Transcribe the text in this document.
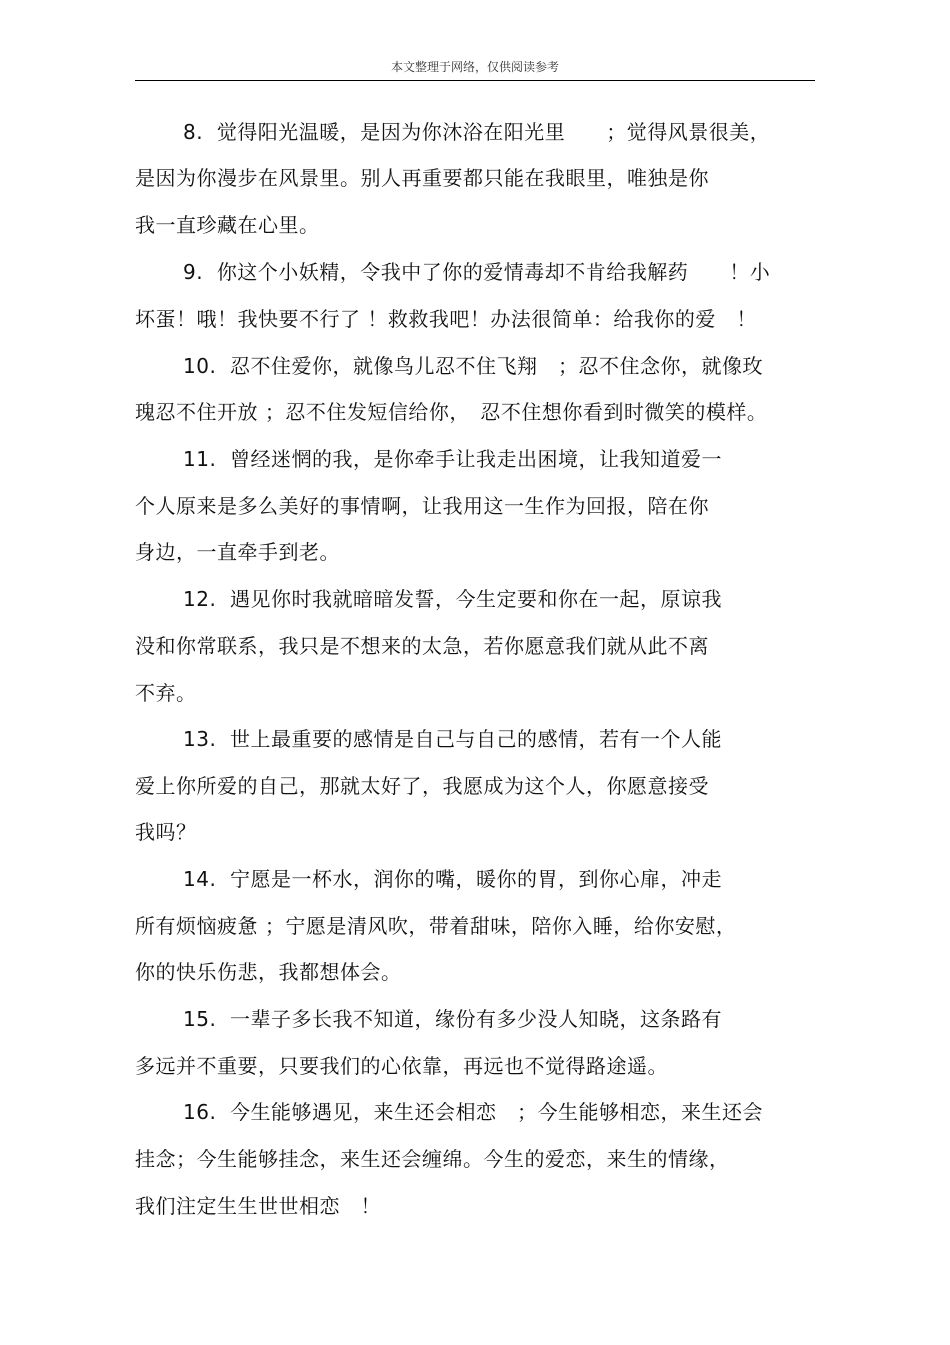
本文整理于网络，仅供阅读参考
8. 觉得阳光温暖，是因为你沐浴在阳光里　　；觉得风景很美，
是因为你漫步在风景里。别人再重要都只能在我眼里，唯独是你
我一直珍藏在心里。
9. 你这个小妖精，令我中了你的爱情毒却不肯给我解药　　！小
坏蛋！哦！我快要不行了 ！救救我吧！办法很简单：给我你的爱　！
10. 忍不住爱你，就像鸟儿忍不住飞翔　；忍不住念你，就像玫
瑰忍不住开放 ；忍不住发短信给你，　忍不住想你看到时微笑的模样。
11. 曾经迷惘的我，是你牵手让我走出困境，让我知道爱一
个人原来是多么美好的事情啊，让我用这一生作为回报，陪在你
身边，一直牵手到老。
12. 遇见你时我就暗暗发誓，今生定要和你在一起，原谅我
没和你常联系，我只是不想来的太急，若你愿意我们就从此不离
不弃。
13. 世上最重要的感情是自己与自己的感情，若有一个人能
爱上你所爱的自己，那就太好了，我愿成为这个人，你愿意接受
我吗？
14. 宁愿是一杯水，润你的嘴，暖你的胃，到你心扉，冲走
所有烦恼疲惫 ；宁愿是清风吹，带着甜味，陪你入睡，给你安慰，
你的快乐伤悲，我都想体会。
15. 一辈子多长我不知道，缘份有多少没人知晓，这条路有
多远并不重要，只要我们的心依靠，再远也不觉得路途遥。
16. 今生能够遇见，来生还会相恋　；今生能够相恋，来生还会
挂念；今生能够挂念，来生还会缠绵。今生的爱恋，来生的情缘，
我们注定生生世世相恋　！
